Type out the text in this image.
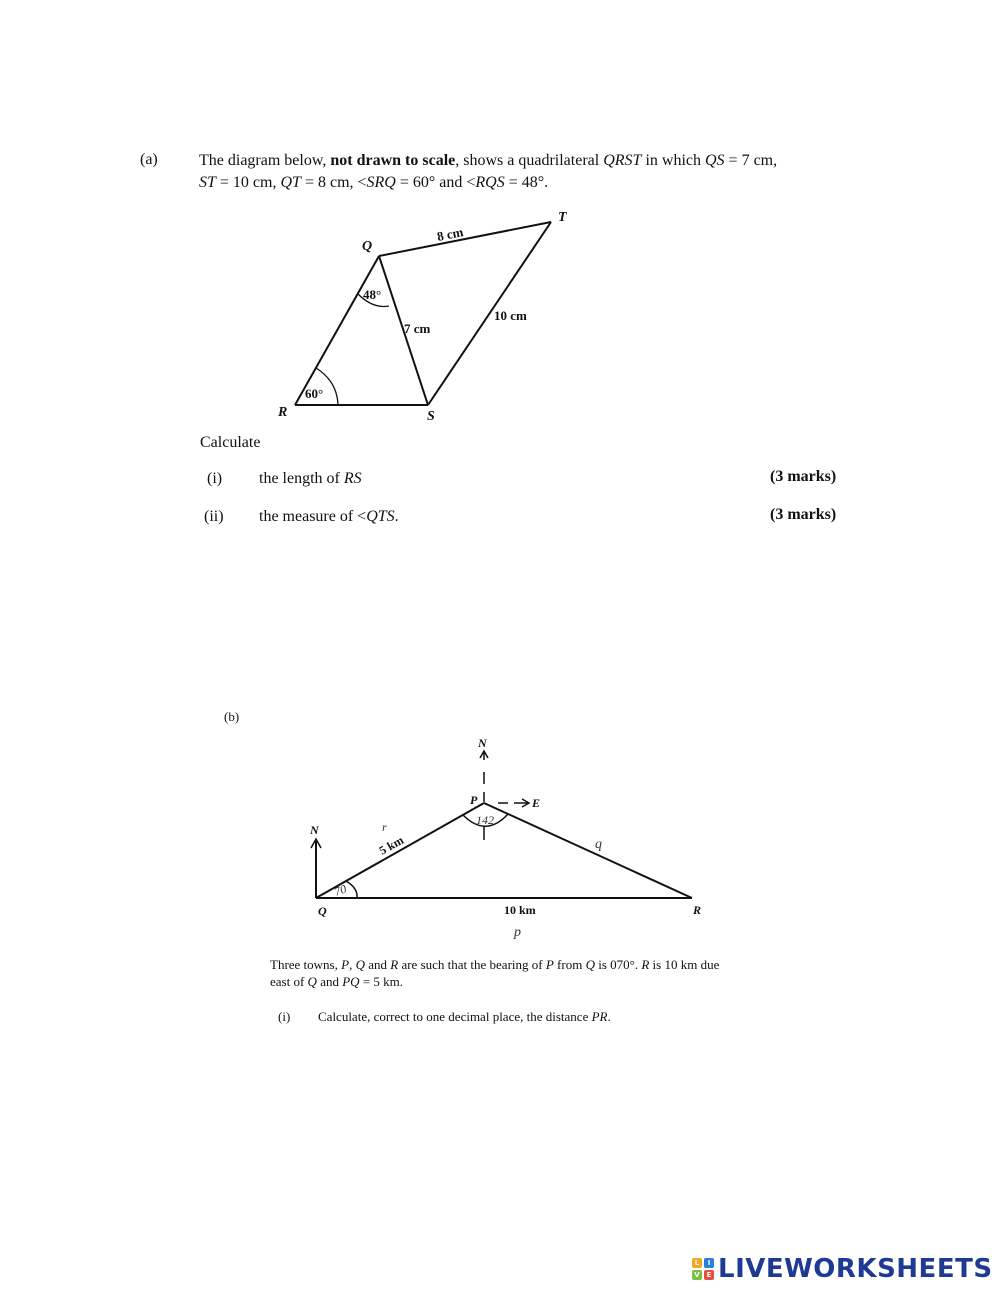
(a)	The diagram below, not drawn to scale, shows a quadrilateral QRST in which QS = 7 cm,
ST = 10 cm, QT = 8 cm, <SRQ = 60° and <RQS = 48°.
Q
R	S
T
8 cm
7 cm
10 cm
48°
60°
Calculate
(i) the length of RS	(3 marks)
(ii) the measure of <QTS.	(3 marks)
(b)
N
N
E
P
Q	R
5 km
10 km
70
142
r
q
p
Three towns, P, Q and R are such that the bearing of P from Q is 070°. R is 10 km due
east of Q and PQ = 5 km.
(i) Calculate, correct to one decimal place, the distance PR.
L	I
V E LIVEWORKSHEETS
